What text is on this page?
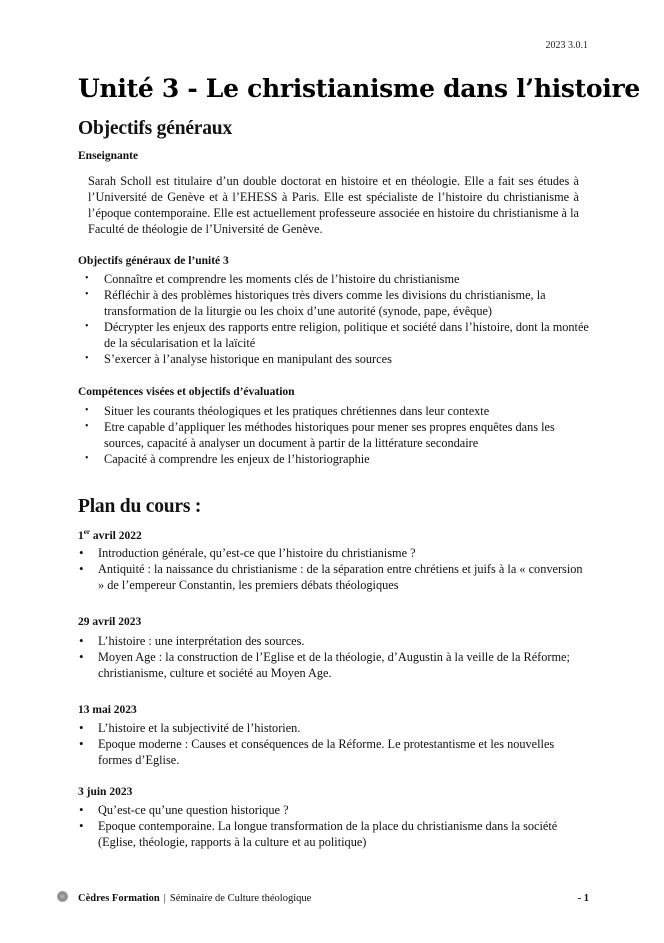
2023 3.0.1
Unité 3 - Le christianisme dans l’histoire
Objectifs généraux
Enseignante

Sarah Scholl est titulaire d’un double doctorat en histoire et en théologie. Elle a fait ses études à l’Université de Genève et à l’EHESS à Paris. Elle est spécialiste de l’histoire du christianisme à l’époque contemporaine. Elle est actuellement professeure associée en histoire du christianisme à la Faculté de théologie de l’Université de Genève.

Objectifs généraux de l’unité 3
• Connaître et comprendre les moments clés de l’histoire du christianisme
• Réfléchir à des problèmes historiques très divers comme les divisions du christianisme, la transformation de la liturgie ou les choix d’une autorité (synode, pape, évêque)
• Décrypter les enjeux des rapports entre religion, politique et société dans l’histoire, dont la montée de la sécularisation et la laïcité
• S’exercer à l’analyse historique en manipulant des sources
Compétences visées et objectifs d’évaluation
• Situer les courants théologiques et les pratiques chrétiennes dans leur contexte
• Etre capable d’appliquer les méthodes historiques pour mener ses propres enquêtes dans les sources, capacité à analyser un document à partir de la littérature secondaire
• Capacité à comprendre les enjeux de l’historiographie
Plan du cours :
1er avril 2022
• Introduction générale, qu’est-ce que l’histoire du christianisme ?
• Antiquité : la naissance du christianisme : de la séparation entre chrétiens et juifs à la « conversion » de l’empereur Constantin, les premiers débats théologiques
29 avril 2023
• L’histoire : une interprétation des sources.
• Moyen Age : la construction de l’Eglise et de la théologie, d’Augustin à la veille de la Réforme; christianisme, culture et société au Moyen Age.
13 mai 2023
• L’histoire et la subjectivité de l’historien.
• Epoque moderne : Causes et conséquences de la Réforme. Le protestantisme et les nouvelles formes d’Eglise.
3 juin 2023
• Qu’est-ce qu’une question historique ?
• Epoque contemporaine. La longue transformation de la place du christianisme dans la société (Eglise, théologie, rapports à la culture et au politique)
Cèdres Formation | Séminaire de Culture théologique	- 1
